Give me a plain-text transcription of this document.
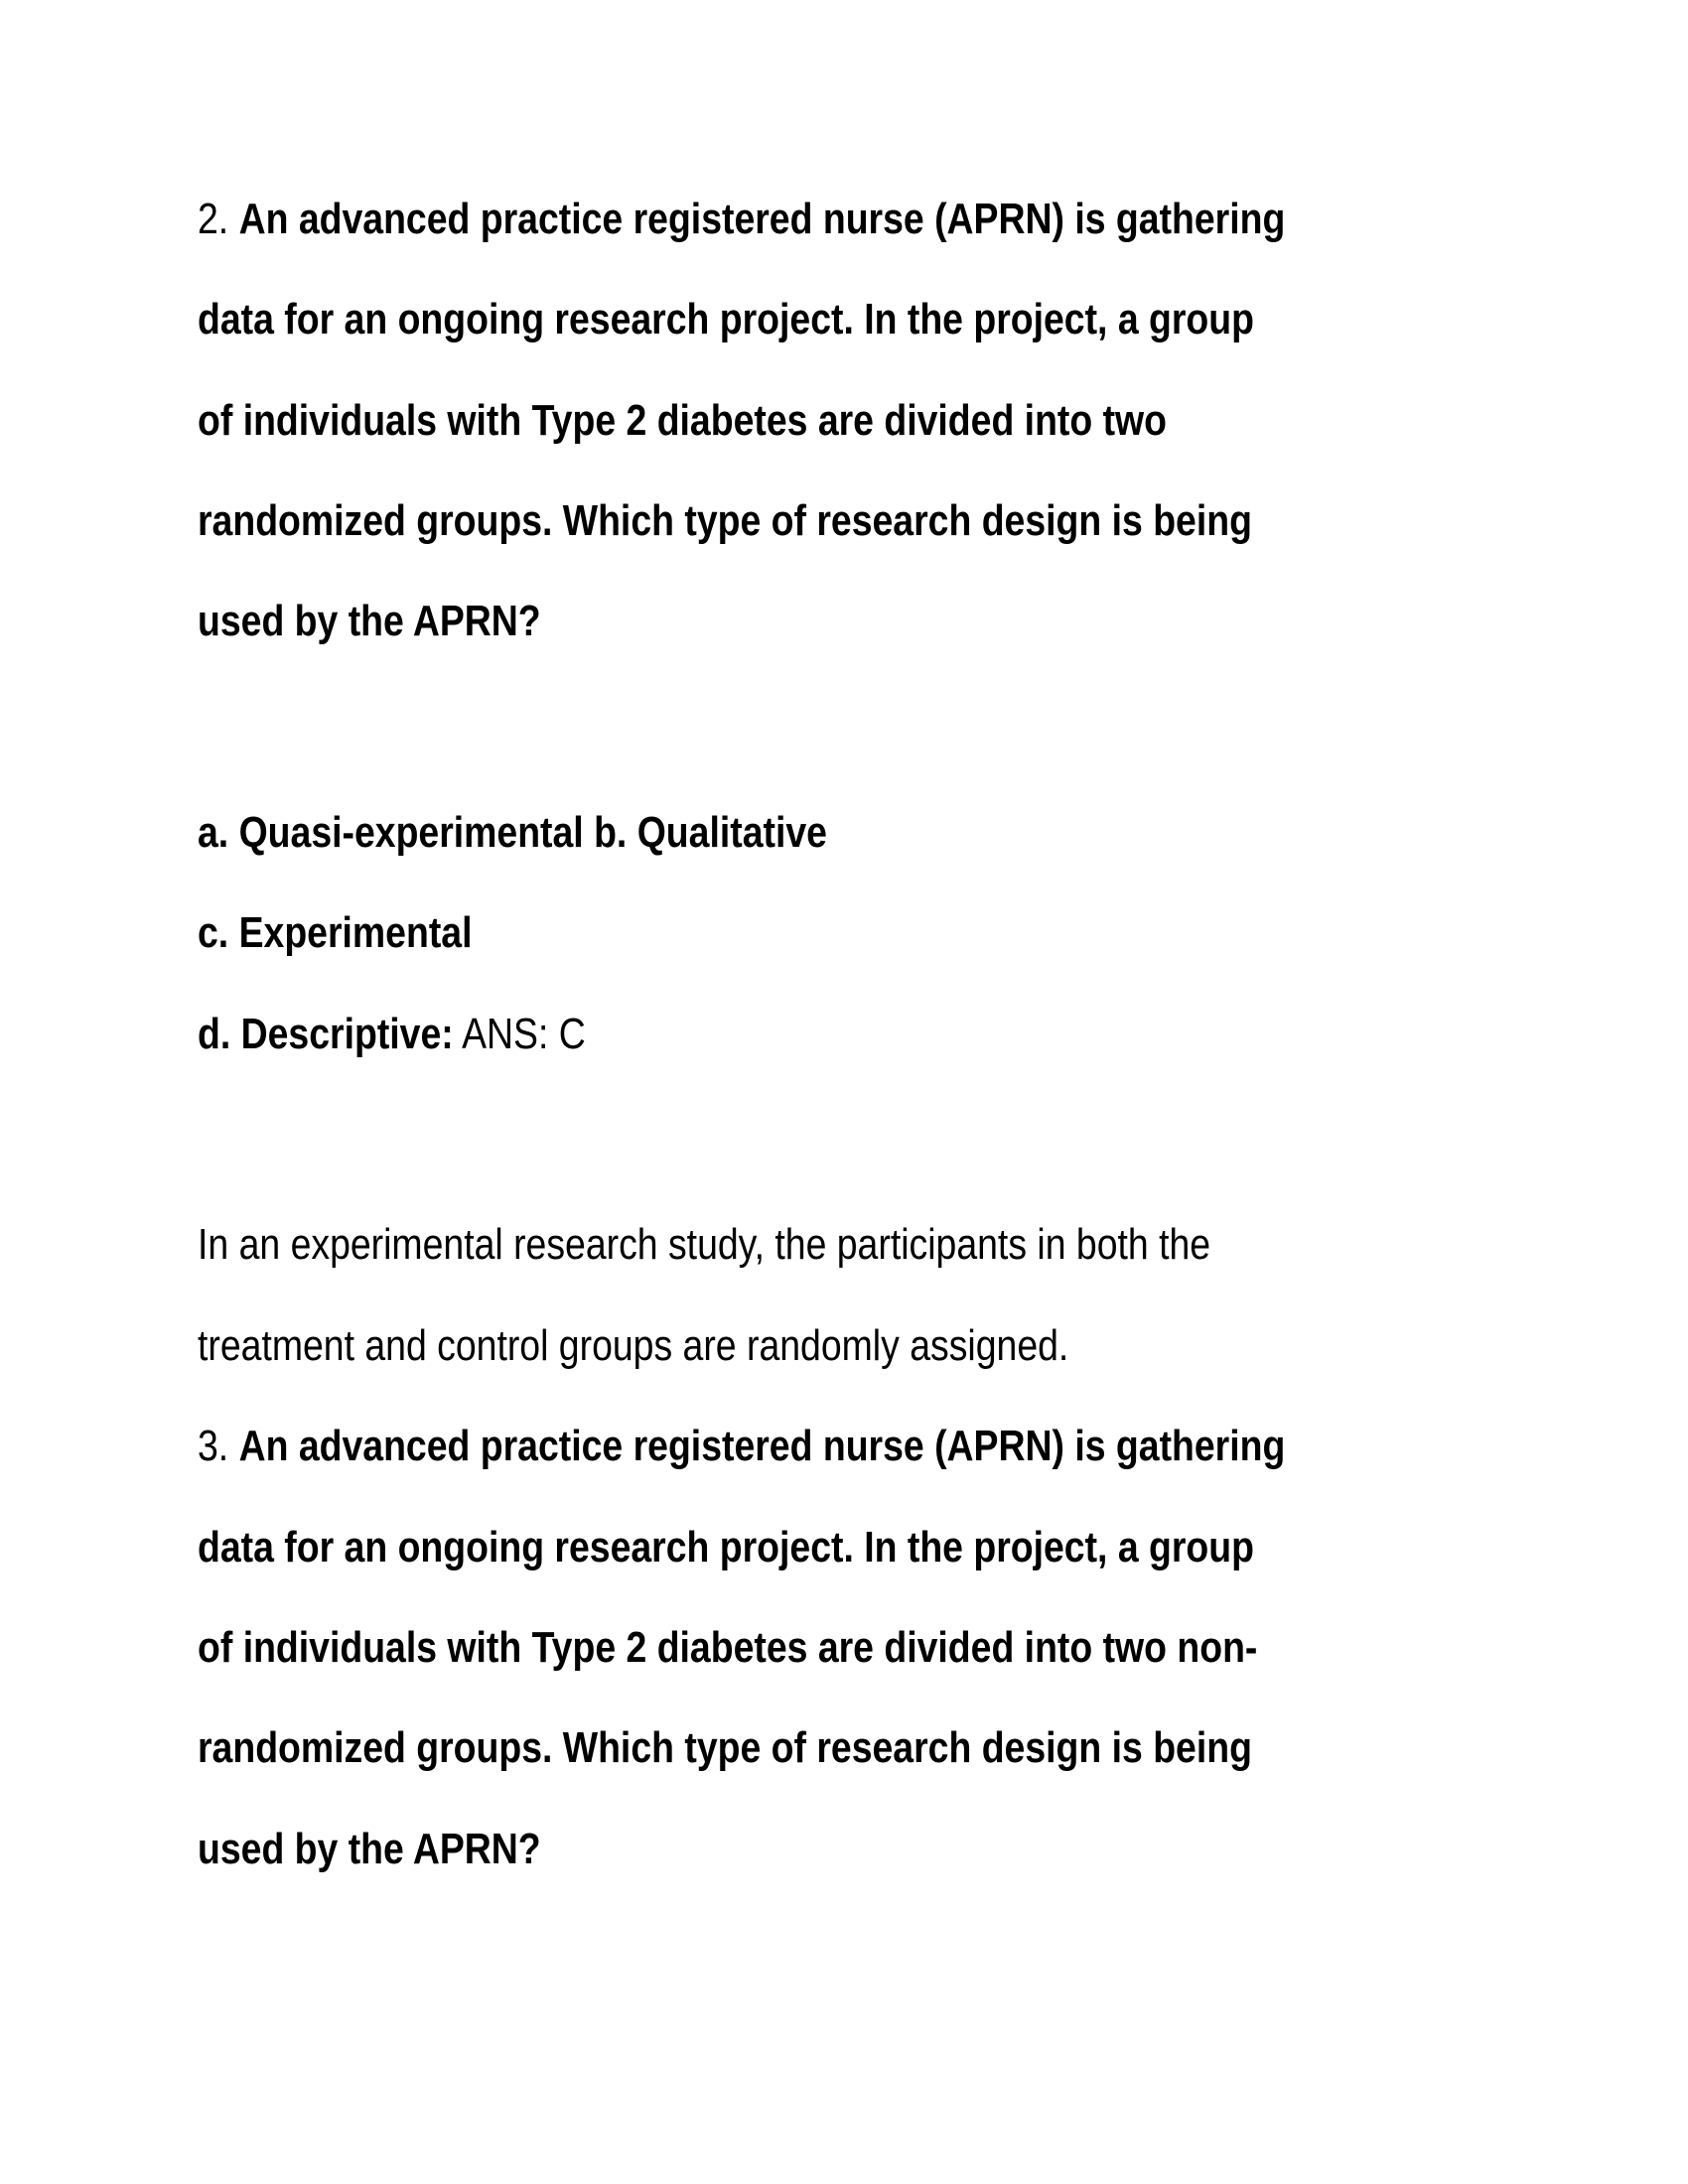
2. An advanced practice registered nurse (APRN) is gathering
data for an ongoing research project. In the project, a group
of individuals with Type 2 diabetes are divided into two
randomized groups. Which type of research design is being
used by the APRN?
a. Quasi-experimental b. Qualitative
c. Experimental
d. Descriptive: ANS: C
In an experimental research study, the participants in both the
treatment and control groups are randomly assigned.
3. An advanced practice registered nurse (APRN) is gathering
data for an ongoing research project. In the project, a group
of individuals with Type 2 diabetes are divided into two non-
randomized groups. Which type of research design is being
used by the APRN?
